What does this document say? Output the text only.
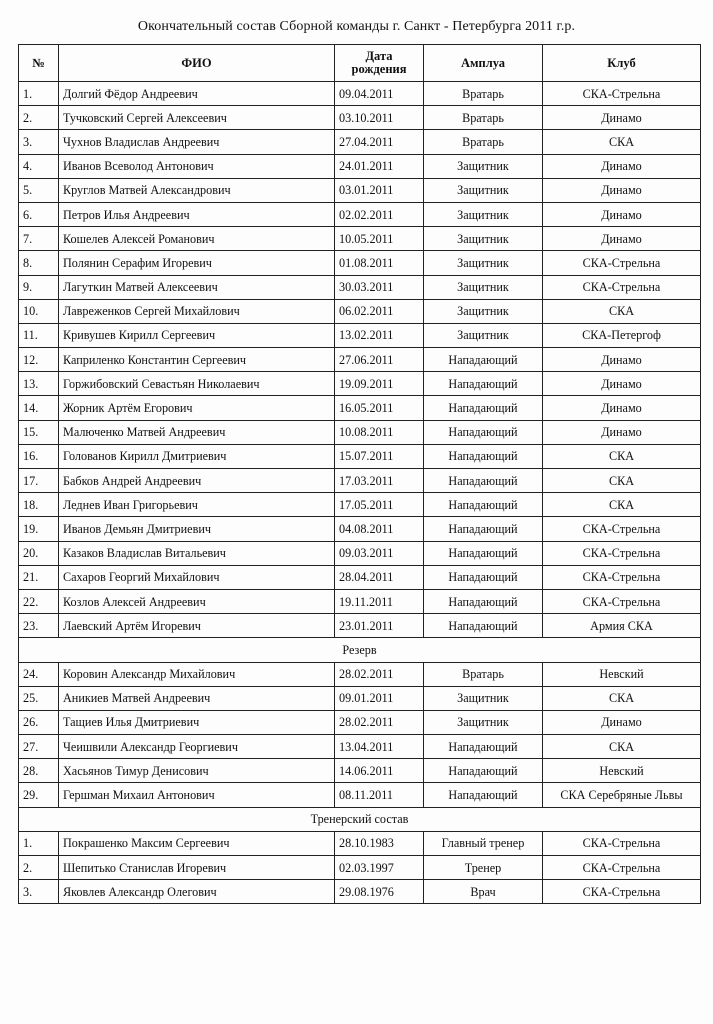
Окончательный состав Сборной команды г. Санкт - Петербурга 2011 г.р.
№	ФИО	Дата рождения	Амплуа	Клуб
1.	Долгий Фёдор Андреевич	09.04.2011	Вратарь	СКА-Стрельна
2.	Тучковский Сергей Алексеевич	03.10.2011	Вратарь	Динамо
3.	Чухнов Владислав Андреевич	27.04.2011	Вратарь	СКА
4.	Иванов Всеволод Антонович	24.01.2011	Защитник	Динамо
5.	Круглов Матвей Александрович	03.01.2011	Защитник	Динамо
6.	Петров Илья Андреевич	02.02.2011	Защитник	Динамо
7.	Кошелев Алексей Романович	10.05.2011	Защитник	Динамо
8.	Полянин Серафим Игоревич	01.08.2011	Защитник	СКА-Стрельна
9.	Лагуткин Матвей Алексеевич	30.03.2011	Защитник	СКА-Стрельна
10.	Лавреженков Сергей Михайлович	06.02.2011	Защитник	СКА
11.	Кривушев Кирилл Сергеевич	13.02.2011	Защитник	СКА-Петергоф
12.	Каприленко Константин Сергеевич	27.06.2011	Нападающий	Динамо
13.	Горжибовский Севастьян Николаевич	19.09.2011	Нападающий	Динамо
14.	Жорник Артём Егорович	16.05.2011	Нападающий	Динамо
15.	Малюченко Матвей Андреевич	10.08.2011	Нападающий	Динамо
16.	Голованов Кирилл Дмитриевич	15.07.2011	Нападающий	СКА
17.	Бабков Андрей Андреевич	17.03.2011	Нападающий	СКА
18.	Леднев Иван Григорьевич	17.05.2011	Нападающий	СКА
19.	Иванов Демьян Дмитриевич	04.08.2011	Нападающий	СКА-Стрельна
20.	Казаков Владислав Витальевич	09.03.2011	Нападающий	СКА-Стрельна
21.	Сахаров Георгий Михайлович	28.04.2011	Нападающий	СКА-Стрельна
22.	Козлов Алексей Андреевич	19.11.2011	Нападающий	СКА-Стрельна
23.	Лаевский Артём Игоревич	23.01.2011	Нападающий	Армия СКА
Резерв				
24.	Коровин Александр Михайлович	28.02.2011	Вратарь	Невский
25.	Аникиев Матвей Андреевич	09.01.2011	Защитник	СКА
26.	Тащиев Илья Дмитриевич	28.02.2011	Защитник	Динамо
27.	Чеишвили Александр Георгиевич	13.04.2011	Нападающий	СКА
28.	Хасьянов Тимур Денисович	14.06.2011	Нападающий	Невский
29.	Гершман Михаил Антонович	08.11.2011	Нападающий	СКА Серебряные Львы
Тренерский состав				
1.	Покрашенко Максим Сергеевич	28.10.1983	Главный тренер	СКА-Стрельна
2.	Шепитько Станислав Игоревич	02.03.1997	Тренер	СКА-Стрельна
3.	Яковлев Александр Олегович	29.08.1976	Врач	СКА-Стрельна
